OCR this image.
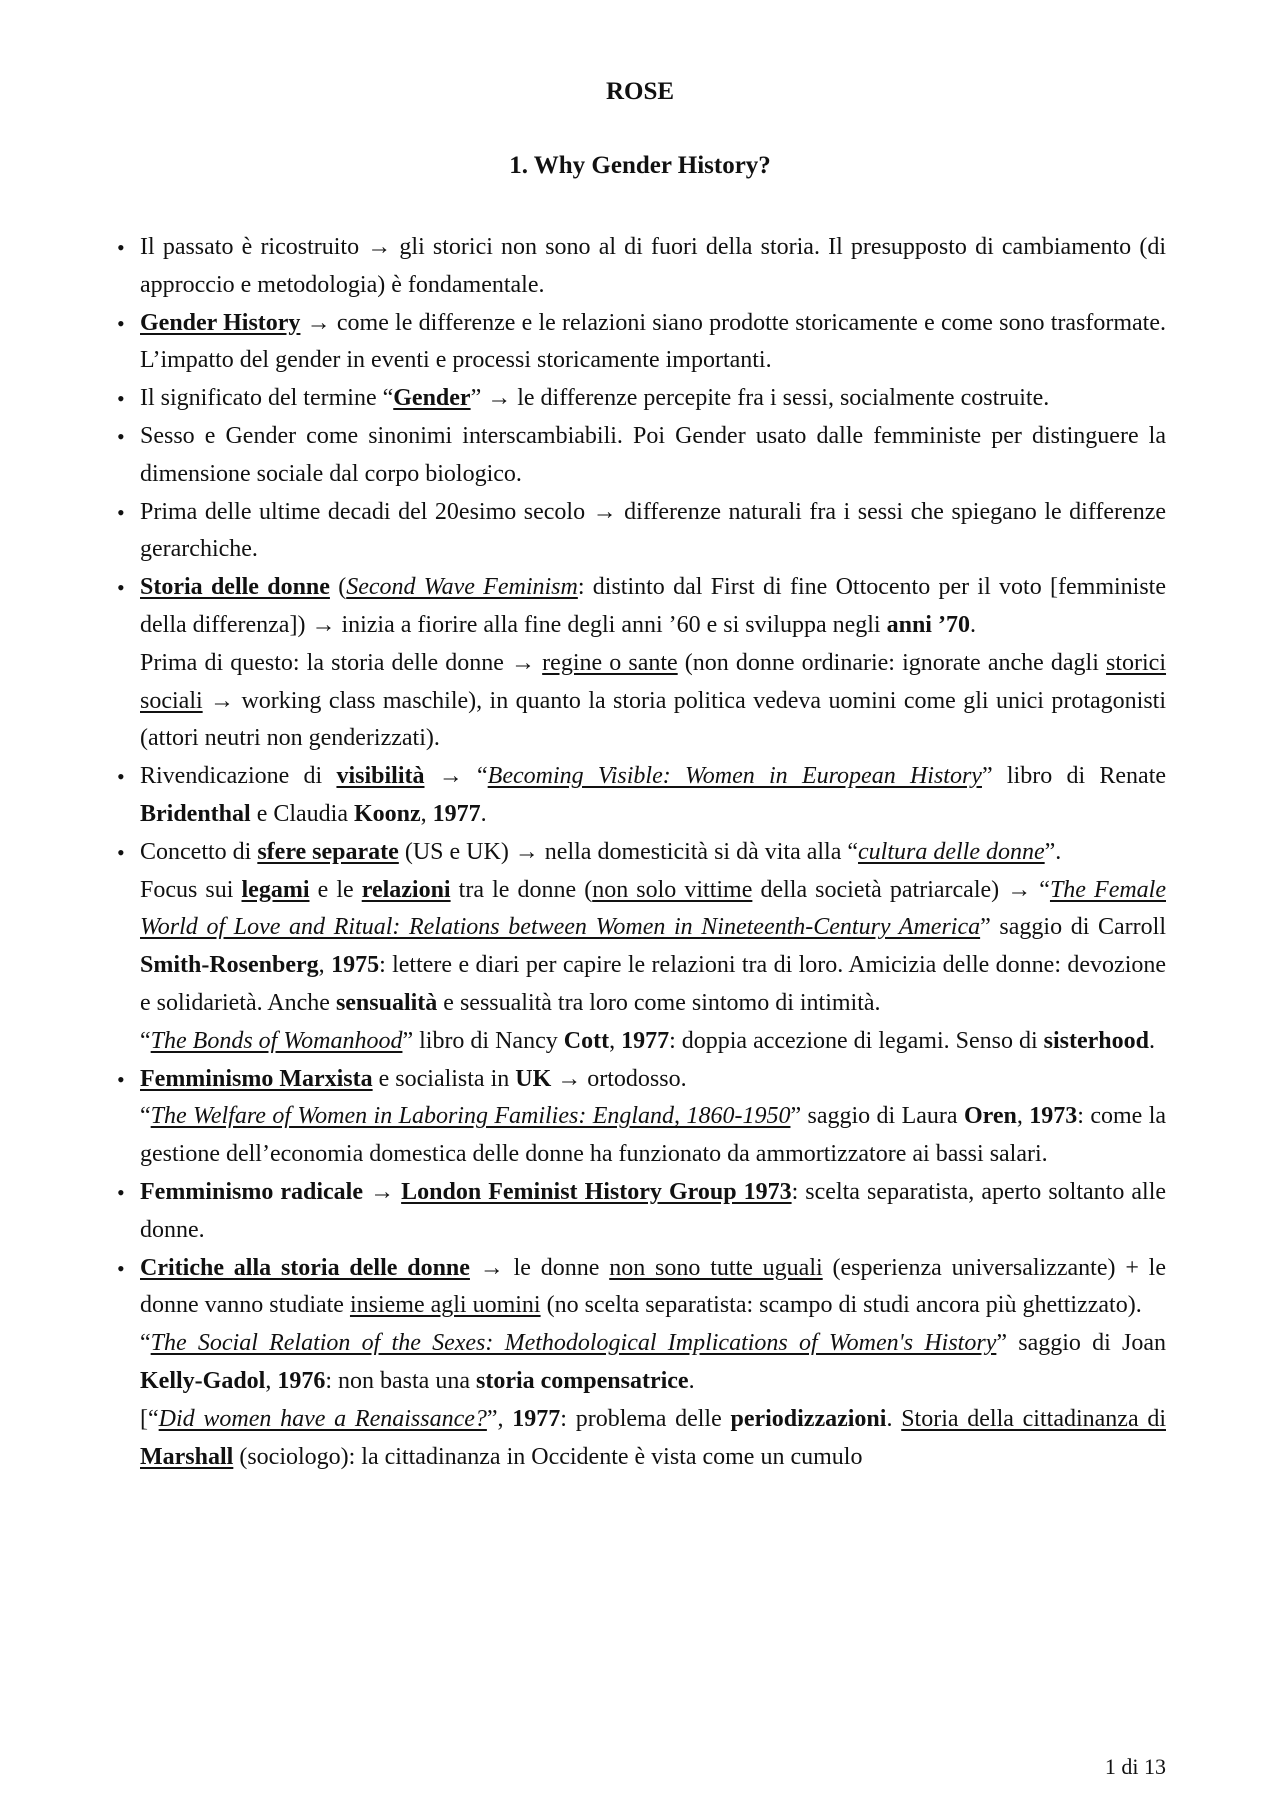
ROSE
1. Why Gender History?
• Il passato è ricostruito → gli storici non sono al di fuori della storia. Il presupposto di cambiamento (di approccio e metodologia) è fondamentale.
• Gender History → come le differenze e le relazioni siano prodotte storicamente e come sono trasformate. L’impatto del gender in eventi e processi storicamente importanti.
• Il significato del termine “Gender” → le differenze percepite fra i sessi, socialmente costruite.
• Sesso e Gender come sinonimi interscambiabili. Poi Gender usato dalle femministe per distinguere la dimensione sociale dal corpo biologico.
• Prima delle ultime decadi del 20esimo secolo → differenze naturali fra i sessi che spiegano le differenze gerarchiche.
• Storia delle donne (Second Wave Feminism: distinto dal First di fine Ottocento per il voto [femministe della differenza]) → inizia a fiorire alla fine degli anni ’60 e si sviluppa negli anni ’70.

Prima di questo: la storia delle donne → regine o sante (non donne ordinarie: ignorate anche dagli storici sociali → working class maschile), in quanto la storia politica vedeva uomini come gli unici protagonisti (attori neutri non genderizzati).

• Rivendicazione di visibilità → “Becoming Visible: Women in European History” libro di Renate Bridenthal e Claudia Koonz, 1977.
• Concetto di sfere separate (US e UK) → nella domesticità si dà vita alla “cultura delle donne”.

Focus sui legami e le relazioni tra le donne (non solo vittime della società patriarcale) → “The Female World of Love and Ritual: Relations between Women in Nineteenth-Century America” saggio di Carroll Smith-Rosenberg, 1975: lettere e diari per capire le relazioni tra di loro. Amicizia delle donne: devozione e solidarietà. Anche sensualità e sessualità tra loro come sintomo di intimità.

“The Bonds of Womanhood” libro di Nancy Cott, 1977: doppia accezione di legami. Senso di sisterhood.

• Femminismo Marxista e socialista in UK → ortodosso.

“The Welfare of Women in Laboring Families: England, 1860-1950” saggio di Laura Oren, 1973: come la gestione dell’economia domestica delle donne ha funzionato da ammortizzatore ai bassi salari.

• Femminismo radicale → London Feminist History Group 1973: scelta separatista, aperto soltanto alle donne.
• Critiche alla storia delle donne → le donne non sono tutte uguali (esperienza universalizzante) + le donne vanno studiate insieme agli uomini (no scelta separatista: scampo di studi ancora più ghettizzato).

“The Social Relation of the Sexes: Methodological Implications of Women's History” saggio di Joan Kelly-Gadol, 1976: non basta una storia compensatrice.

[“Did women have a Renaissance?”, 1977: problema delle periodizzazioni. Storia della cittadinanza di Marshall (sociologo): la cittadinanza in Occidente è vista come un cumulo

1 di 13
